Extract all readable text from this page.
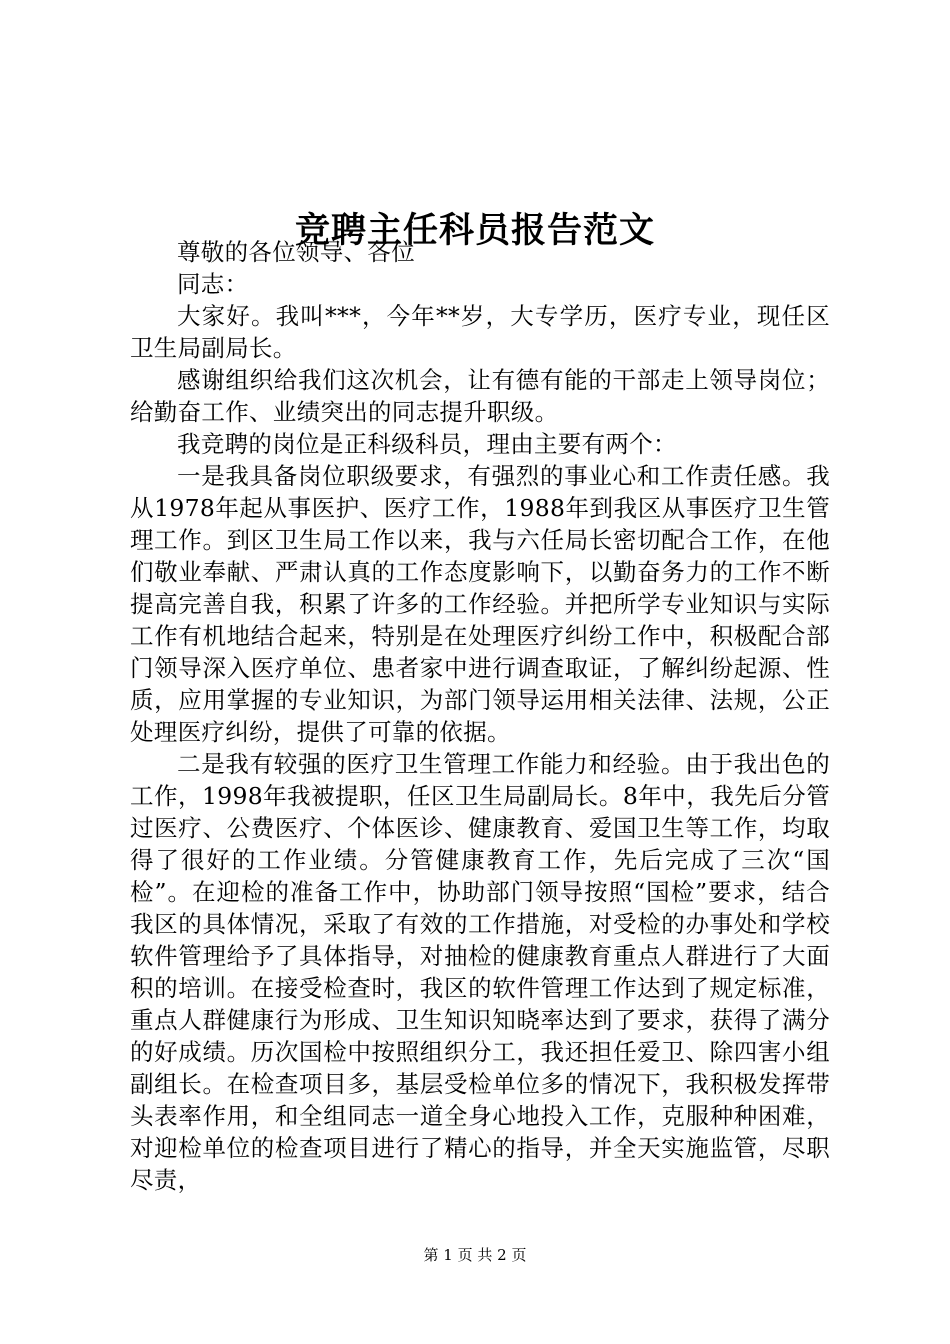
竞聘主任科员报告范文

尊敬的各位领导、各位

同志：

大家好。我叫***，今年**岁，大专学历，医疗专业，现任区卫生局副局长。

感谢组织给我们这次机会，让有德有能的干部走上领导岗位；给勤奋工作、业绩突出的同志提升职级。

我竞聘的岗位是正科级科员，理由主要有两个：

一是我具备岗位职级要求，有强烈的事业心和工作责任感。我从1978年起从事医护、医疗工作，1988年到我区从事医疗卫生管理工作。到区卫生局工作以来，我与六任局长密切配合工作，在他们敬业奉献、严肃认真的工作态度影响下，以勤奋务力的工作不断提高完善自我，积累了许多的工作经验。并把所学专业知识与实际工作有机地结合起来，特别是在处理医疗纠纷工作中，积极配合部门领导深入医疗单位、患者家中进行调查取证，了解纠纷起源、性质，应用掌握的专业知识，为部门领导运用相关法律、法规，公正处理医疗纠纷，提供了可靠的依据。

二是我有较强的医疗卫生管理工作能力和经验。由于我出色的工作，1998年我被提职，任区卫生局副局长。8年中，我先后分管过医疗、公费医疗、个体医诊、健康教育、爱国卫生等工作，均取得了很好的工作业绩。分管健康教育工作，先后完成了三次“国检”。在迎检的准备工作中，协助部门领导按照“国检”要求，结合我区的具体情况，采取了有效的工作措施，对受检的办事处和学校软件管理给予了具体指导，对抽检的健康教育重点人群进行了大面积的培训。在接受检查时，我区的软件管理工作达到了规定标准，重点人群健康行为形成、卫生知识知晓率达到了要求，获得了满分的好成绩。历次国检中按照组织分工，我还担任爱卫、除四害小组副组长。在检查项目多，基层受检单位多的情况下，我积极发挥带头表率作用，和全组同志一道全身心地投入工作，克服种种困难，对迎检单位的检查项目进行了精心的指导，并全天实施监管，尽职尽责，

第 1 页 共 2 页
